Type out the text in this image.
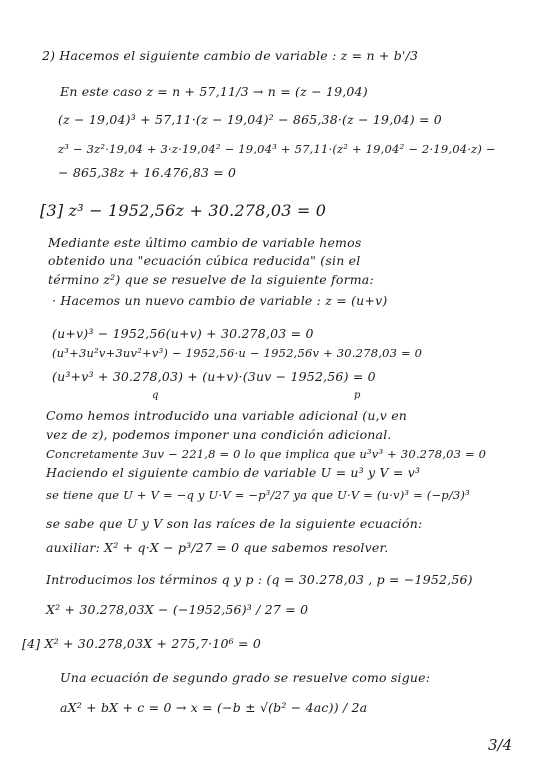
2) Hacemos el siguiente cambio de variable : z = n + b'/3
En este caso z = n + 57,11/3 → n = (z − 19,04)
(z − 19,04)³ + 57,11·(z − 19,04)² − 865,38·(z − 19,04) = 0
z³ − 3z²·19,04 + 3·z·19,04² − 19,04³ + 57,11·(z² + 19,04² − 2·19,04·z) −
− 865,38z + 16.476,83 = 0
[3] z³ − 1952,56z + 30.278,03 = 0
Mediante este último cambio de variable hemos
obtenido una "ecuación cúbica reducida" (sin el
término z²) que se resuelve de la siguiente forma:
· Hacemos un nuevo cambio de variable : z = (u+v)
(u+v)³ − 1952,56(u+v) + 30.278,03 = 0
(u³+3u²v+3uv²+v³) − 1952,56·u − 1952,56v + 30.278,03 = 0
(u³+v³ + 30.278,03) + (u+v)·(3uv − 1952,56) = 0
q	p
Como hemos introducido una variable adicional (u,v en
vez de z), podemos imponer una condición adicional.
Concretamente 3uv − 221,8 = 0 lo que implica que u³v³ + 30.278,03 = 0
Haciendo el siguiente cambio de variable U = u³ y V = v³
se tiene que U + V = −q y U·V = −p³/27 ya que U·V = (u·v)³ = (−p/3)³
se sabe que U y V son las raíces de la siguiente ecuación:
auxiliar: X² + q·X − p³/27 = 0 que sabemos resolver.
Introducimos los términos q y p : (q = 30.278,03 , p = −1952,56)
X² + 30.278,03X − (−1952,56)³ / 27 = 0
[4] X² + 30.278,03X + 275,7·10⁶ = 0
Una ecuación de segundo grado se resuelve como sigue:
aX² + bX + c = 0 → x = (−b ± √(b² − 4ac)) / 2a
3/4
